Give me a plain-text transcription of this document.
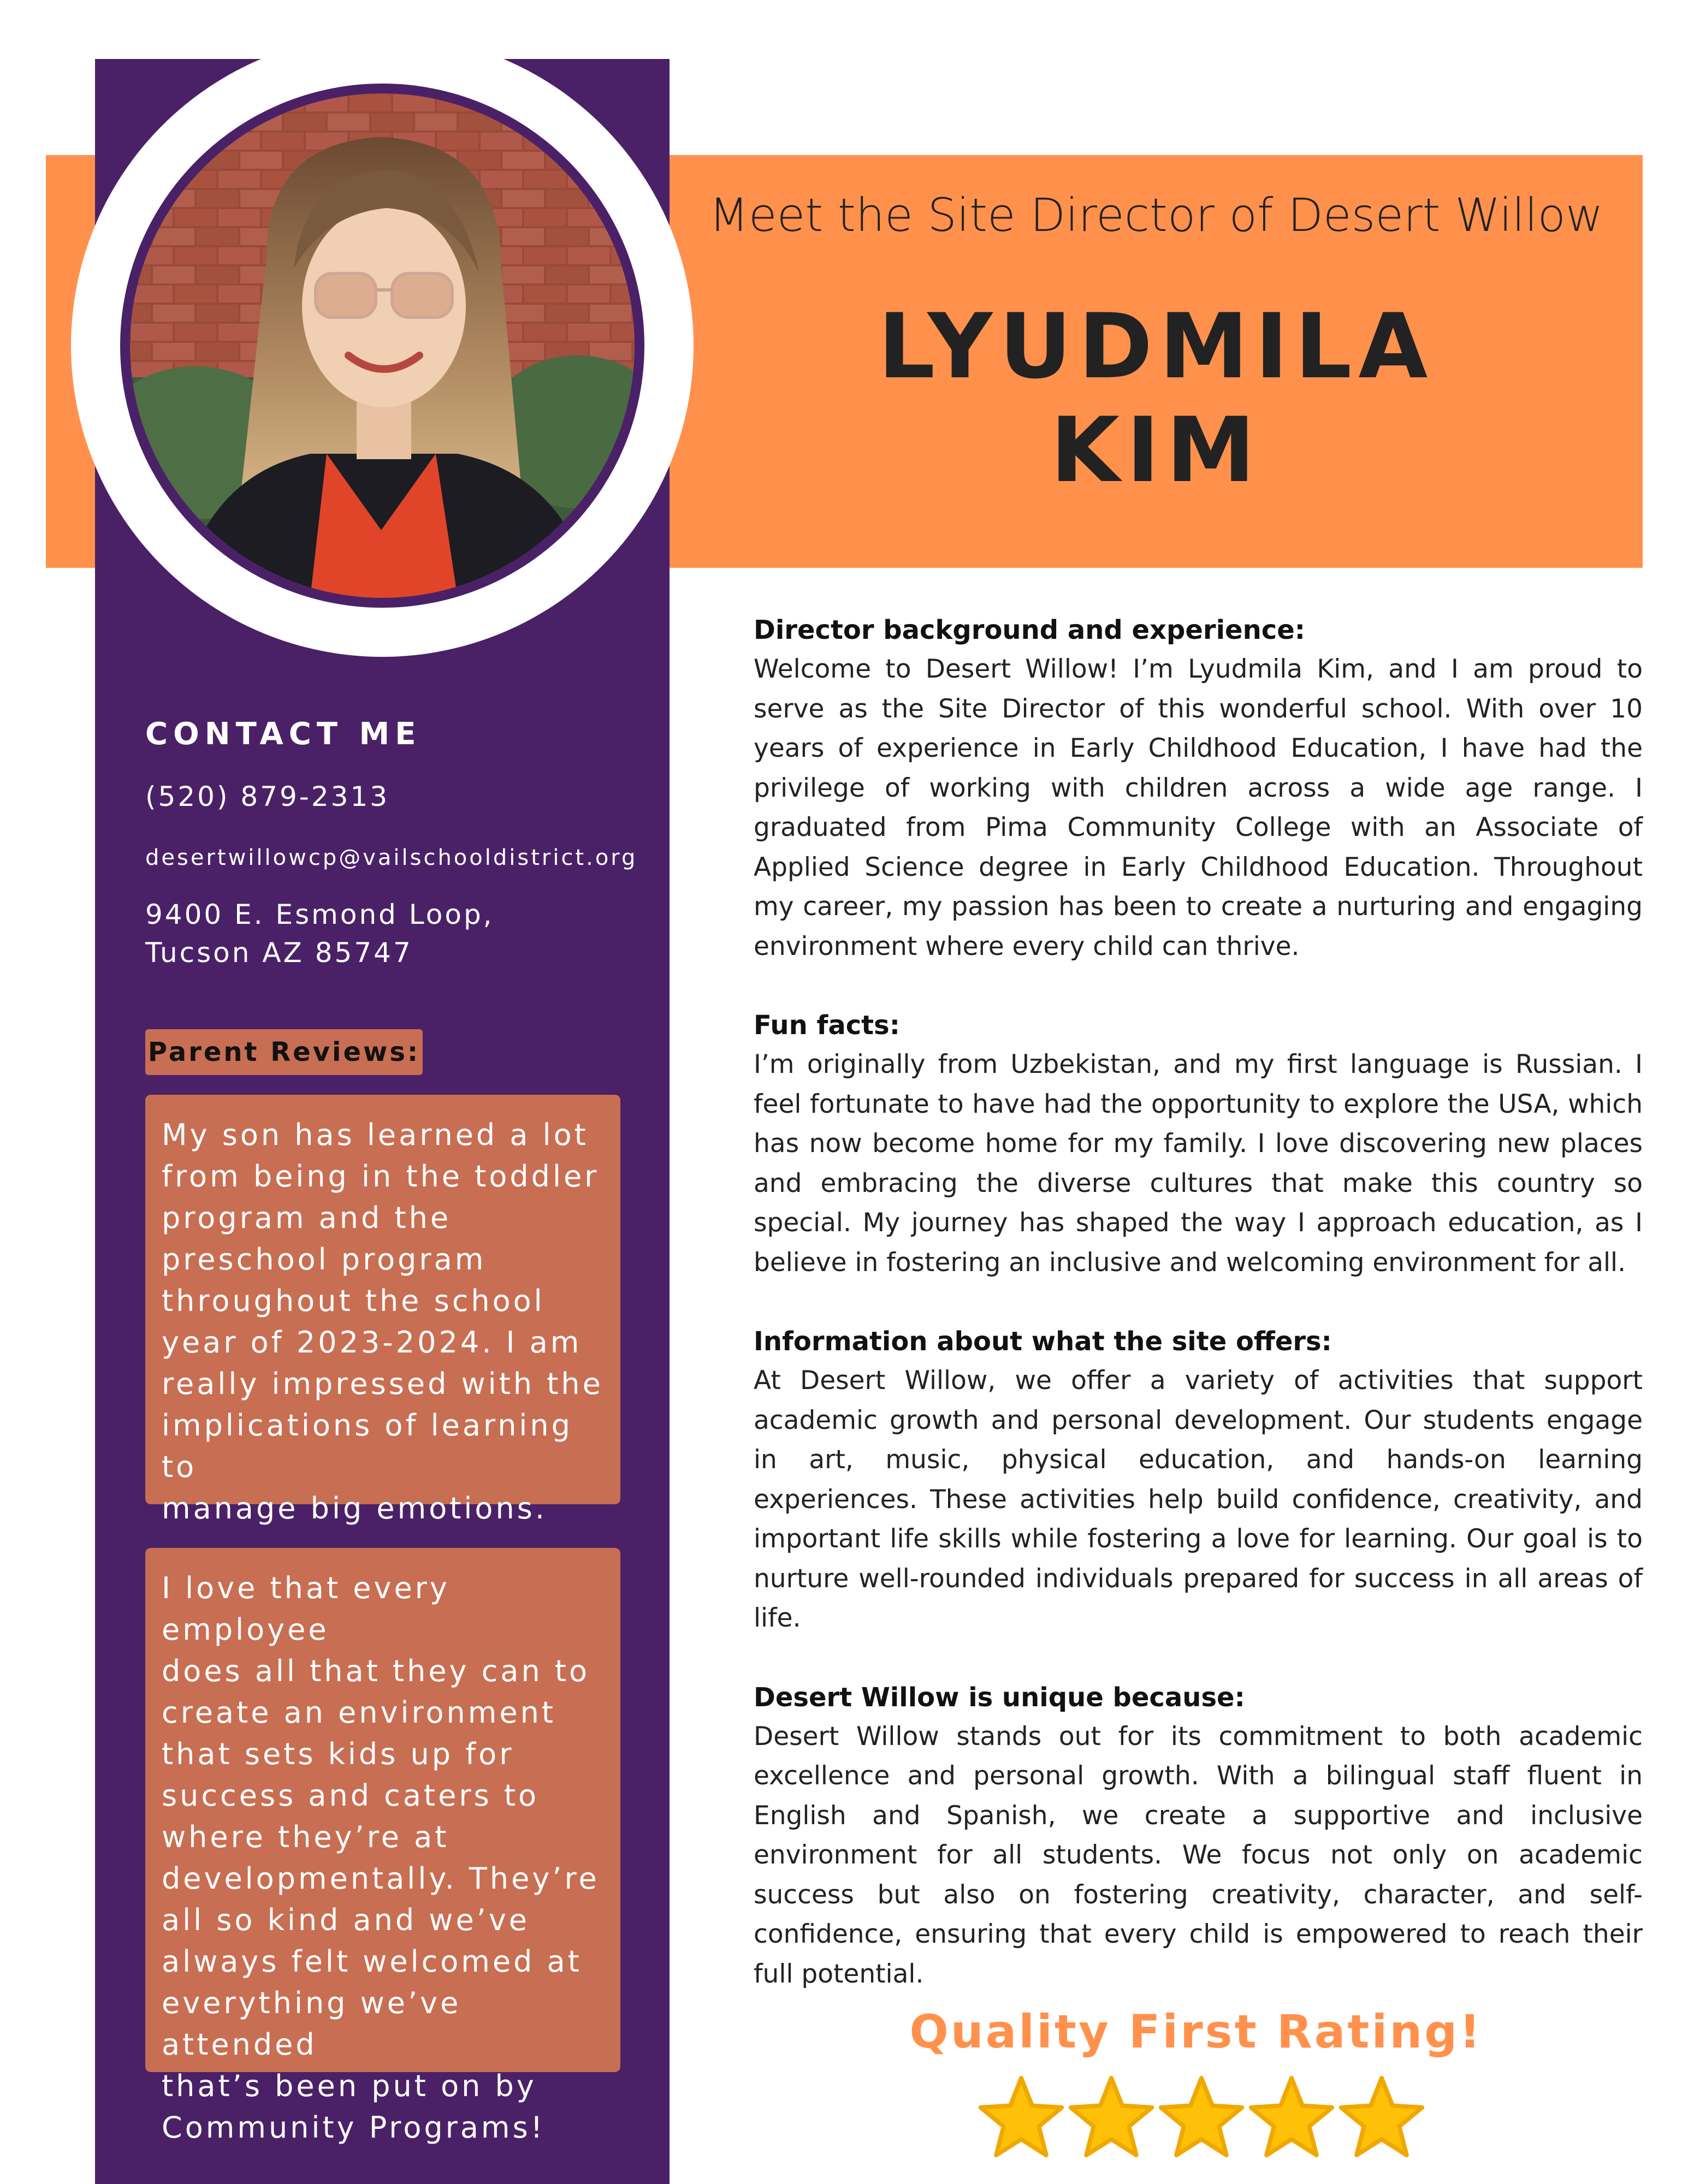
Meet the Site Director of Desert Willow
LYUDMILA
KIM
CONTACT ME
(520) 879-2313
desertwillowcp@vailschooldistrict.org
9400 E. Esmond Loop,
Tucson AZ 85747
Parent Reviews:

My son has learned a lot
from being in the toddler
program and the
preschool program
throughout the school
year of 2023-2024. I am
really impressed with the
implications of learning to
manage big emotions.

I love that every employee
does all that they can to
create an environment
that sets kids up for
success and caters to
where they’re at
developmentally. They’re
all so kind and we’ve
always felt welcomed at
everything we’ve attended
that’s been put on by
Community Programs!

Director background and experience:
Welcome to Desert Willow! I’m Lyudmila Kim, and I am proud to serve as the Site Director of this wonderful school. With over 10 years of experience in Early Childhood Education, I have had the privilege of working with children across a wide age range. I graduated from Pima Community College with an Associate of Applied Science degree in Early Childhood Education. Throughout my career, my passion has been to create a nurturing and engaging environment where every child can thrive.
Fun facts:
I’m originally from Uzbekistan, and my first language is Russian. I feel fortunate to have had the opportunity to explore the USA, which has now become home for my family. I love discovering new places and embracing the diverse cultures that make this country so special. My journey has shaped the way I approach education, as I believe in fostering an inclusive and welcoming environment for all.
Information about what the site offers:
At Desert Willow, we offer a variety of activities that support academic growth and personal development. Our students engage in art, music, physical education, and hands-on learning experiences. These activities help build confidence, creativity, and important life skills while fostering a love for learning. Our goal is to nurture well-rounded individuals prepared for success in all areas of life.
Desert Willow is unique because:
Desert Willow stands out for its commitment to both academic excellence and personal growth. With a bilingual staff fluent in English and Spanish, we create a supportive and inclusive environment for all students. We focus not only on academic success but also on fostering creativity, character, and self-confidence, ensuring that every child is empowered to reach their full potential.
Quality First Rating!
